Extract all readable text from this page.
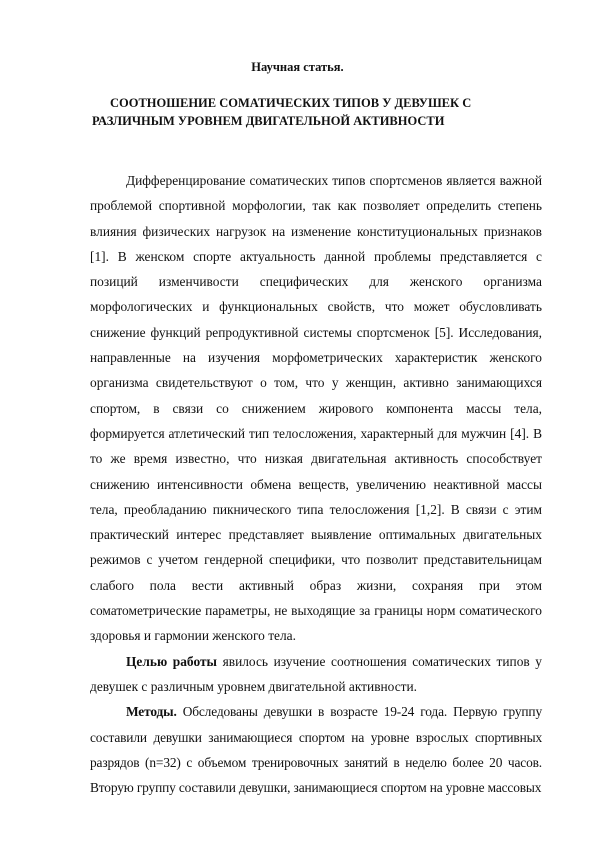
Научная статья.
СООТНОШЕНИЕ СОМАТИЧЕСКИХ ТИПОВ У ДЕВУШЕК С
РАЗЛИЧНЫМ УРОВНЕМ ДВИГАТЕЛЬНОЙ АКТИВНОСТИ

Дифференцирование соматических типов спортсменов является важной проблемой спортивной морфологии, так как позволяет определить степень влияния физических нагрузок на изменение конституциональных признаков [1]. В женском спорте актуальность данной проблемы представляется с позиций изменчивости специфических для женского организма морфологических и функциональных свойств, что может обусловливать снижение функций репродуктивной системы спортсменок [5]. Исследования, направленные на изучения морфометрических характеристик женского организма свидетельствуют о том, что у женщин, активно занимающихся спортом, в связи со снижением жирового компонента массы тела, формируется атлетический тип телосложения, характерный для мужчин [4]. В то же время известно, что низкая двигательная активность способствует снижению интенсивности обмена веществ, увеличению неактивной массы тела, преобладанию пикнического типа телосложения [1,2]. В связи с этим практический интерес представляет выявление оптимальных двигательных режимов с учетом гендерной специфики, что позволит представительницам слабого пола вести активный образ жизни, сохраняя при этом соматометрические параметры, не выходящие за границы норм соматического здоровья и гармонии женского тела.

Целью работы явилось изучение соотношения соматических типов у девушек с различным уровнем двигательной активности.

Методы. Обследованы девушки в возрасте 19-24 года. Первую группу составили девушки занимающиеся спортом на уровне взрослых спортивных разрядов (n=32) с объемом тренировочных занятий в неделю более 20 часов. Вторую группу составили девушки, занимающиеся спортом на уровне массовых
